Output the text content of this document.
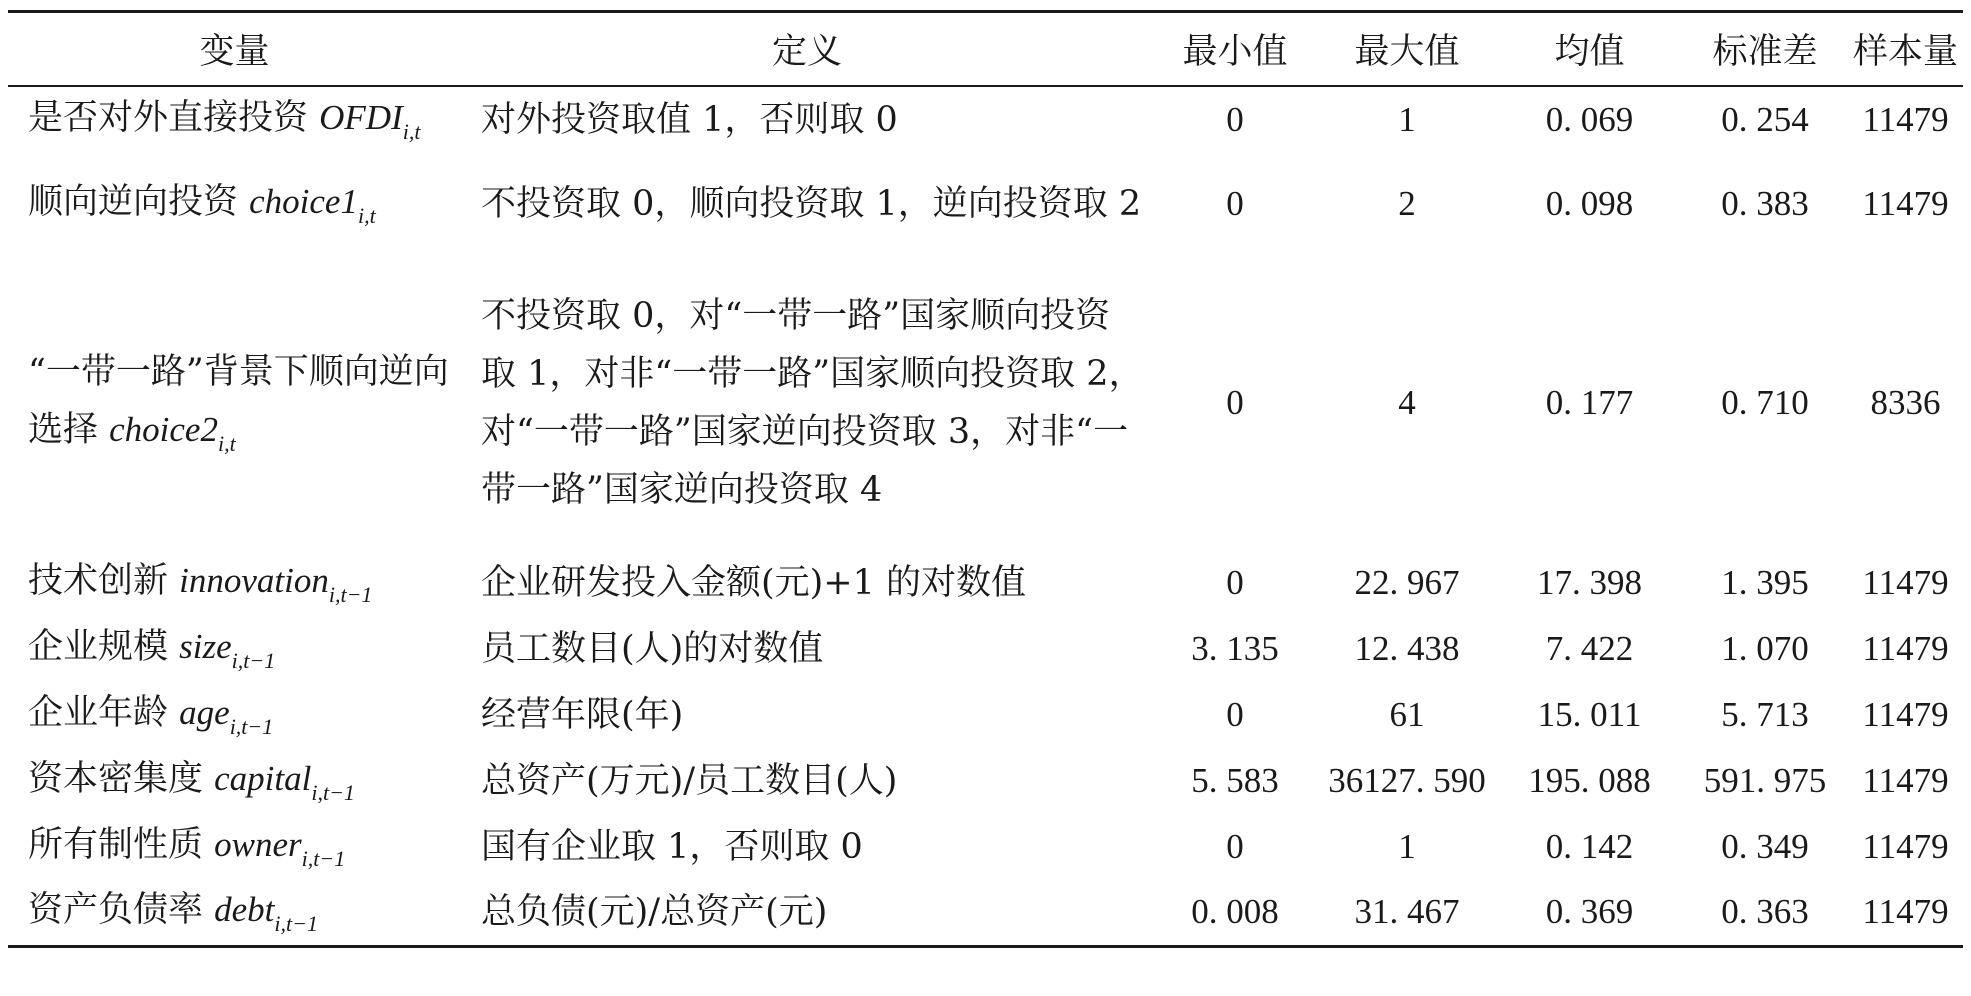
变量	定义	最小值	最大值	均值	标准差	样本量
是否对外直接投资 $OFDI_{i,t}$	对外投资取值 1，否则取 0	0	1	0. 069	0. 254	11479
顺向逆向投资 $choice1_{i,t}$	不投资取 0，顺向投资取 1，逆向投资取 2	0	2	0. 098	0. 383	11479
“一带一路”背景下顺向逆向选择 $choice2_{i,t}$	不投资取 0，对“一带一路”国家顺向投资取 1，对非“一带一路”国家顺向投资取 2，对“一带一路”国家逆向投资取 3，对非“一带一路”国家逆向投资取 4	0	4	0. 177	0. 710	8336
技术创新 innovation$_{i,t-1}$	企业研发投入金额(元)+1 的对数值	0	22. 967	17. 398	1. 395	11479
企业规模 size$_{i,t-1}$	员工数目(人)的对数值	3. 135	12. 438	7. 422	1. 070	11479
企业年龄 age$_{i,t-1}$	经营年限(年)	0	61	15. 011	5. 713	11479
资本密集度 capital$_{i,t-1}$	总资产(万元)/员工数目(人)	5. 583	36127. 590	195. 088	591. 975	11479
所有制性质 owner$_{i,t-1}$	国有企业取 1，否则取 0	0	1	0. 142	0. 349	11479
资产负债率 debt$_{i,t-1}$	总负债(元)/总资产(元)	0. 008	31. 467	0. 369	0. 363	11479
